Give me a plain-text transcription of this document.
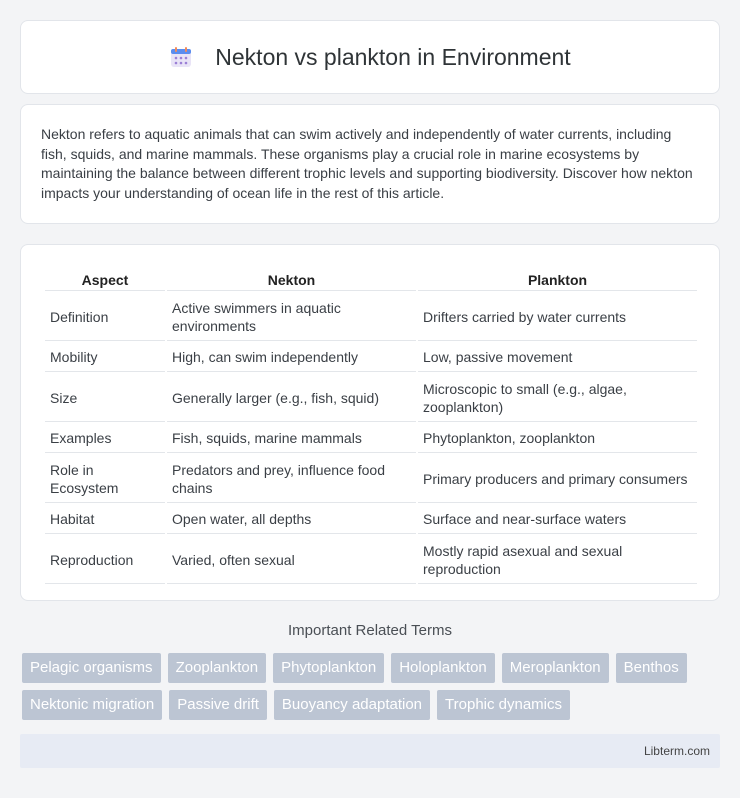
Nekton vs plankton in Environment

Nekton refers to aquatic animals that can swim actively and independently of water currents, including fish, squids, and marine mammals. These organisms play a crucial role in marine ecosystems by maintaining the balance between different trophic levels and supporting biodiversity. Discover how nekton impacts your understanding of ocean life in the rest of this article.

Aspect	Nekton	Plankton
Definition	Active swimmers in aquatic environments	Drifters carried by water currents
Mobility	High, can swim independently	Low, passive movement
Size	Generally larger (e.g., fish, squid)	Microscopic to small (e.g., algae, zooplankton)
Examples	Fish, squids, marine mammals	Phytoplankton, zooplankton
Role in Ecosystem	Predators and prey, influence food chains	Primary producers and primary consumers
Habitat	Open water, all depths	Surface and near-surface waters
Reproduction	Varied, often sexual	Mostly rapid asexual and sexual reproduction
Important Related Terms
Pelagic organisms	Zooplankton	Phytoplankton	Holoplankton	Meroplankton	Benthos
Nektonic migration	Passive drift	Buoyancy adaptation	Trophic dynamics
Libterm.com
